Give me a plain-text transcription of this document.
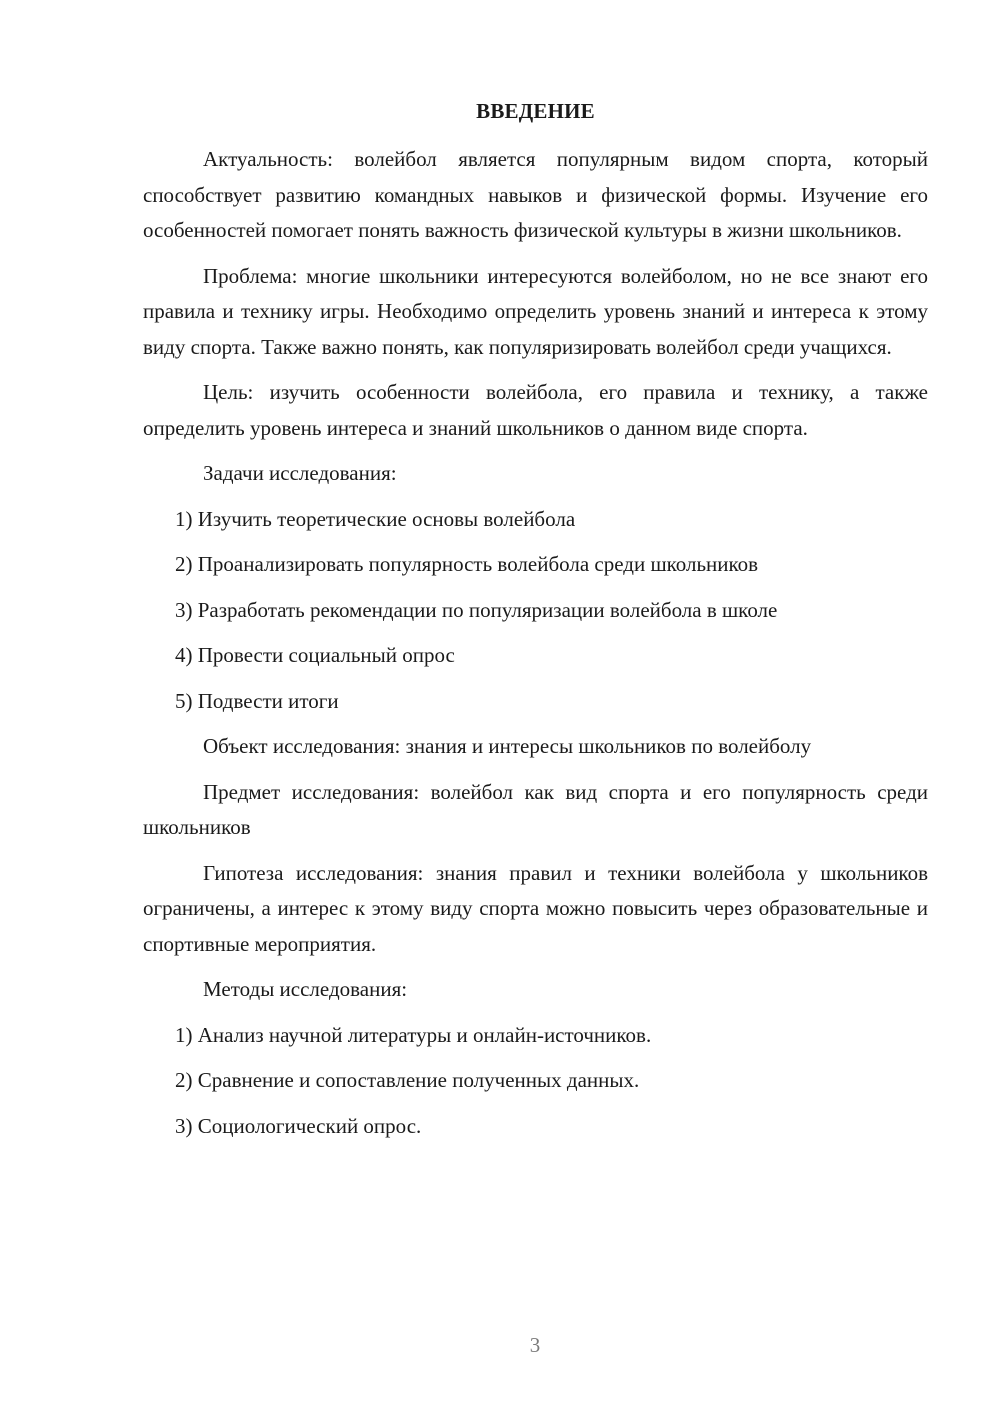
ВВЕДЕНИЕ

Актуальность: волейбол является популярным видом спорта, который способствует развитию командных навыков и физической формы. Изучение его особенностей помогает понять важность физической культуры в жизни школьников.

Проблема: многие школьники интересуются волейболом, но не все знают его правила и технику игры. Необходимо определить уровень знаний и интереса к этому виду спорта. Также важно понять, как популяризировать волейбол среди учащихся.

Цель: изучить особенности волейбола, его правила и технику, а также определить уровень интереса и знаний школьников о данном виде спорта.

Задачи исследования:

1) Изучить теоретические основы волейбола
2) Проанализировать популярность волейбола среди школьников
3) Разработать рекомендации по популяризации волейбола в школе
4) Провести социальный опрос
5) Подвести итоги

Объект исследования: знания и интересы школьников по волейболу

Предмет исследования: волейбол как вид спорта и его популярность среди школьников

Гипотеза исследования: знания правил и техники волейбола у школьников ограничены, а интерес к этому виду спорта можно повысить через образовательные и спортивные мероприятия.

Методы исследования:

1) Анализ научной литературы и онлайн-источников.
2) Сравнение и сопоставление полученных данных.
3) Социологический опрос.
3
